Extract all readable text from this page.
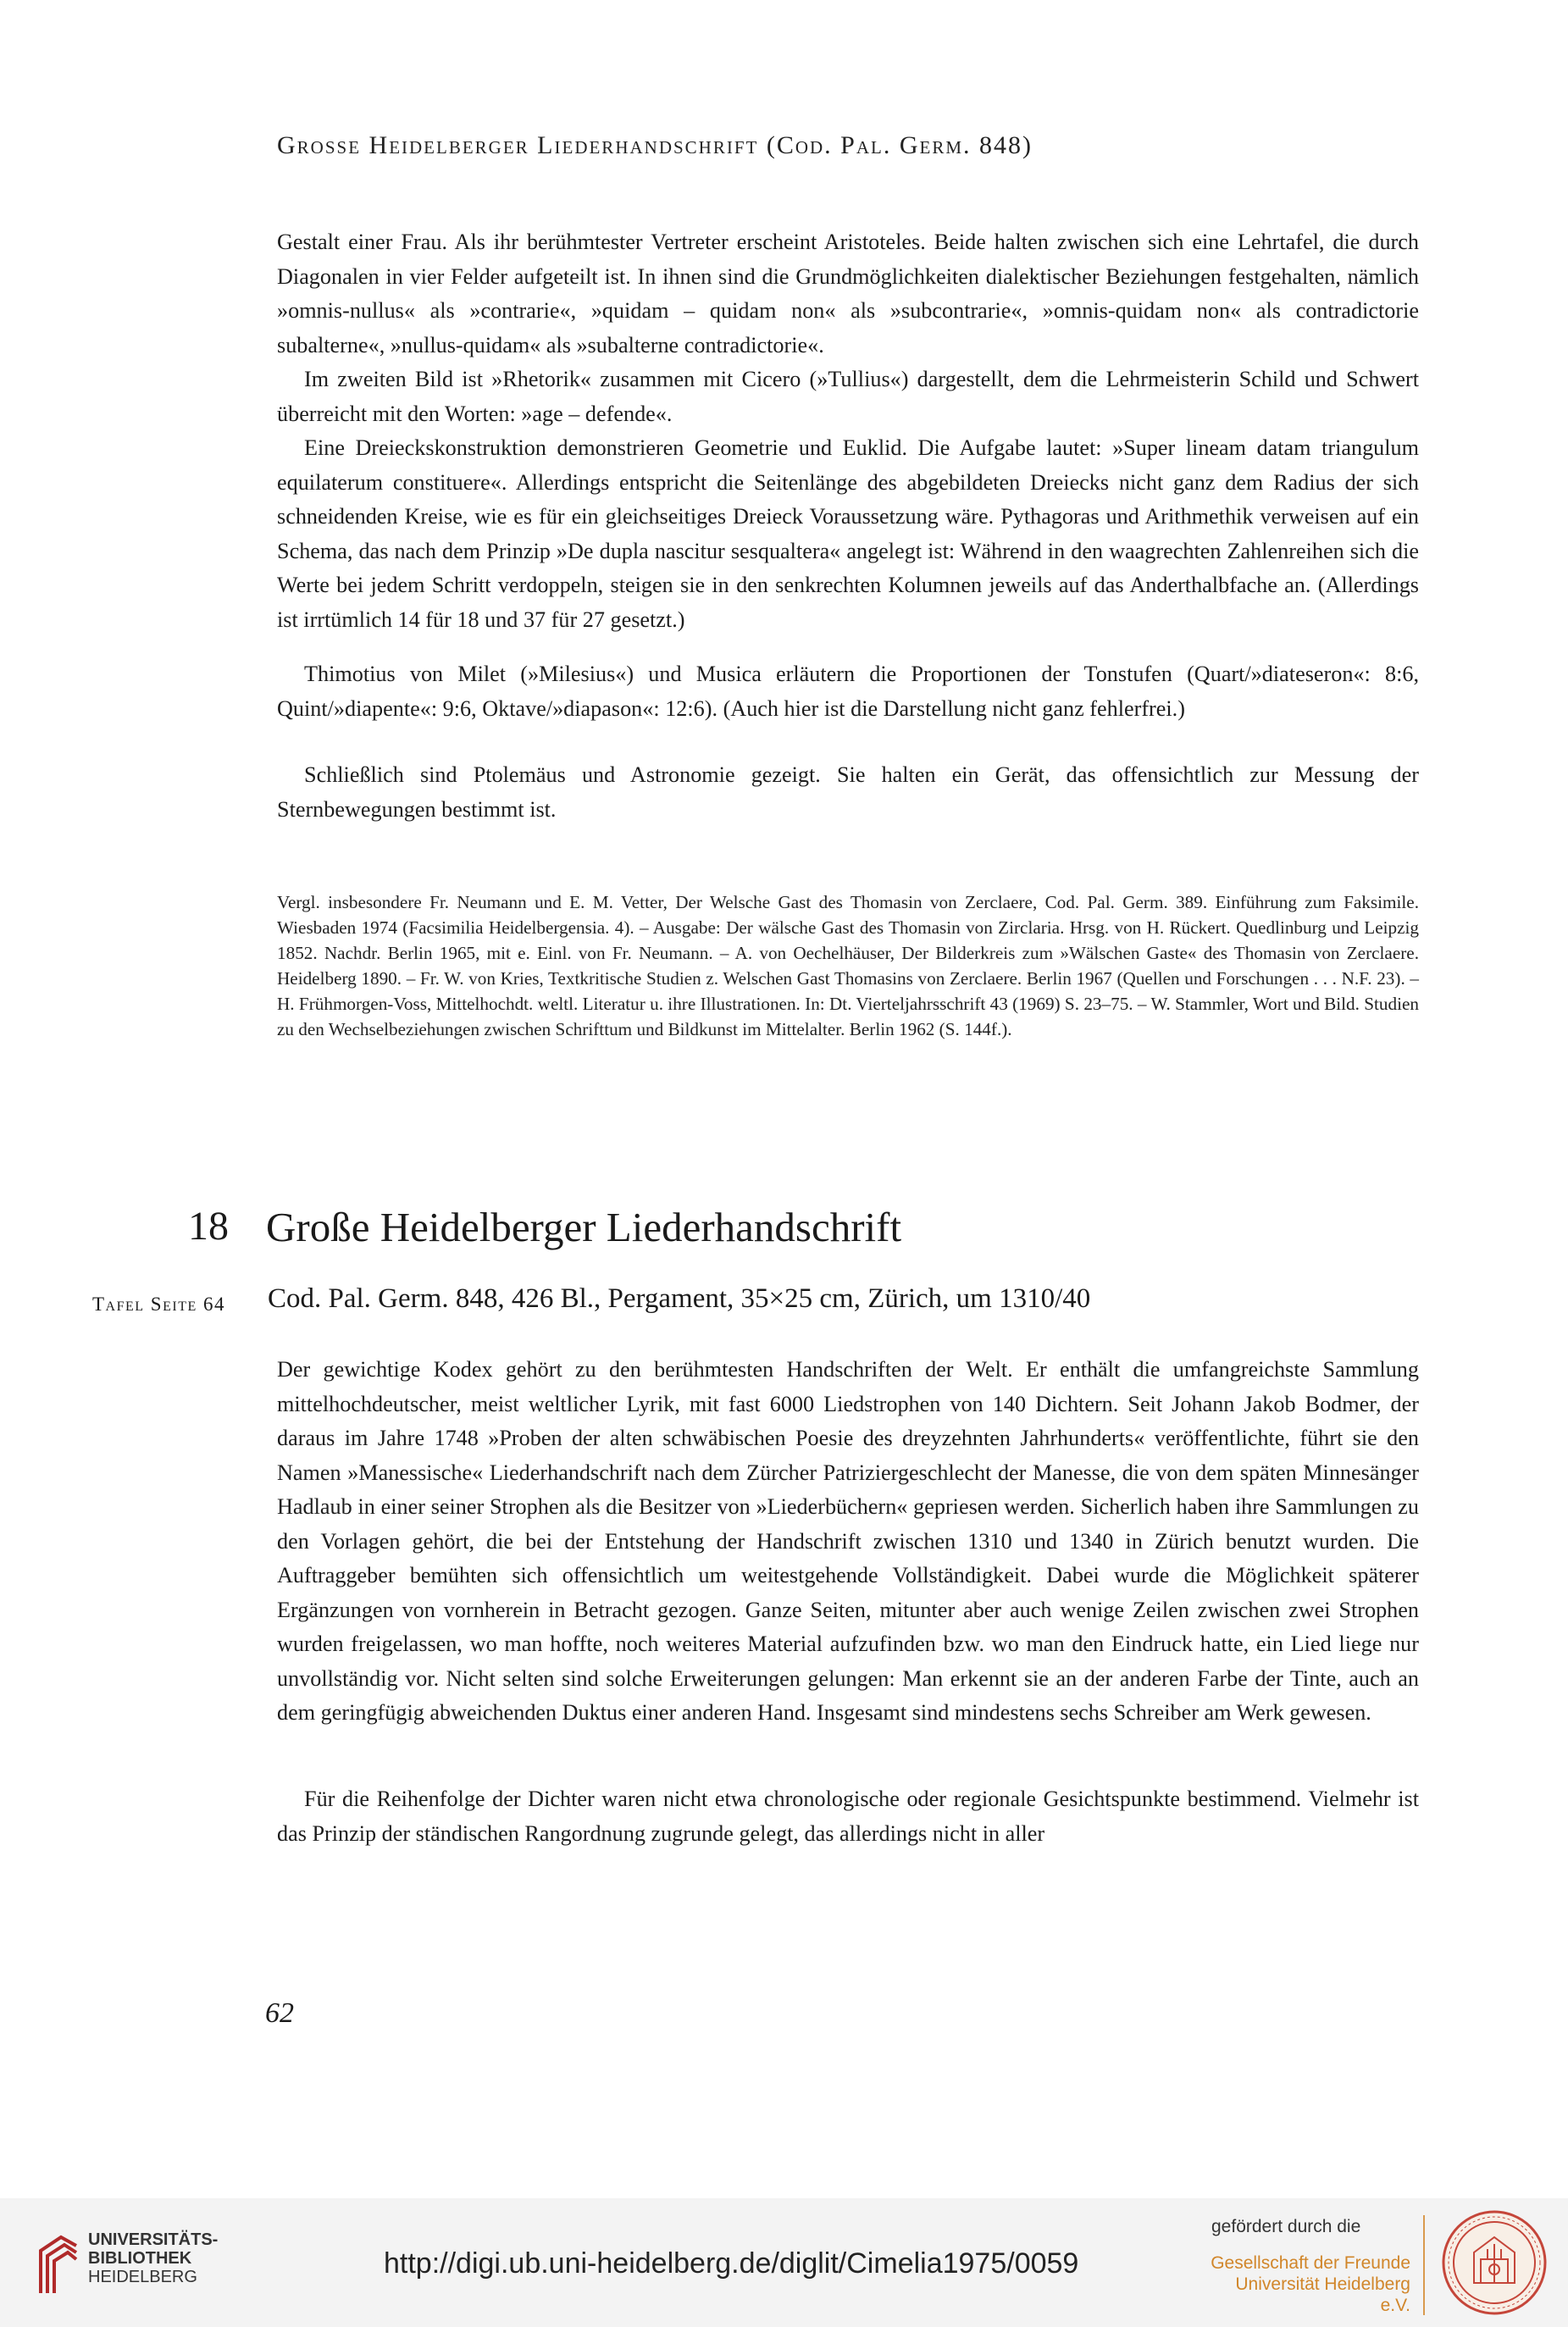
Grosse Heidelberger Liederhandschrift (Cod. Pal. Germ. 848)

Gestalt einer Frau. Als ihr berühmtester Vertreter erscheint Aristoteles. Beide halten zwischen sich eine Lehrtafel, die durch Diagonalen in vier Felder aufgeteilt ist. In ihnen sind die Grundmöglichkeiten dialektischer Beziehungen festgehalten, nämlich »omnis-nullus« als »contrarie«, »quidam – quidam non« als »subcontrarie«, »omnis-quidam non« als contradictorie subalterne«, »nullus-quidam« als »subalterne contradictorie«.

Im zweiten Bild ist »Rhetorik« zusammen mit Cicero (»Tullius«) dargestellt, dem die Lehrmeisterin Schild und Schwert überreicht mit den Worten: »age – defende«.

Eine Dreieckskonstruktion demonstrieren Geometrie und Euklid. Die Aufgabe lautet: »Super lineam datam triangulum equilaterum constituere«. Allerdings entspricht die Seitenlänge des abgebildeten Dreiecks nicht ganz dem Radius der sich schneidenden Kreise, wie es für ein gleichseitiges Dreieck Voraussetzung wäre. Pythagoras und Arithmethik verweisen auf ein Schema, das nach dem Prinzip »De dupla nascitur sesqualtera« angelegt ist: Während in den waagrechten Zahlenreihen sich die Werte bei jedem Schritt verdoppeln, steigen sie in den senkrechten Kolumnen jeweils auf das Anderthalbfache an. (Allerdings ist irrtümlich 14 für 18 und 37 für 27 gesetzt.)

Thimotius von Milet (»Milesius«) und Musica erläutern die Proportionen der Tonstufen (Quart/»diateseron«: 8:6, Quint/»diapente«: 9:6, Oktave/»diapason«: 12:6). (Auch hier ist die Darstellung nicht ganz fehlerfrei.)

Schließlich sind Ptolemäus und Astronomie gezeigt. Sie halten ein Gerät, das offensichtlich zur Messung der Sternbewegungen bestimmt ist.

Vergl. insbesondere Fr. Neumann und E. M. Vetter, Der Welsche Gast des Thomasin von Zerclaere, Cod. Pal. Germ. 389. Einführung zum Faksimile. Wiesbaden 1974 (Facsimilia Heidelbergensia. 4). – Ausgabe: Der wälsche Gast des Thomasin von Zirclaria. Hrsg. von H. Rückert. Quedlinburg und Leipzig 1852. Nachdr. Berlin 1965, mit e. Einl. von Fr. Neumann. – A. von Oechelhäuser, Der Bilderkreis zum »Wälschen Gaste« des Thomasin von Zerclaere. Heidelberg 1890. – Fr. W. von Kries, Textkritische Studien z. Welschen Gast Thomasins von Zerclaere. Berlin 1967 (Quellen und Forschungen . . . N.F. 23). – H. Frühmorgen-Voss, Mittelhochdt. weltl. Literatur u. ihre Illustrationen. In: Dt. Vierteljahrsschrift 43 (1969) S. 23–75. – W. Stammler, Wort und Bild. Studien zu den Wechselbeziehungen zwischen Schrifttum und Bildkunst im Mittelalter. Berlin 1962 (S. 144f.).

18 Große Heidelberger Liederhandschrift
Tafel Seite 64 Cod. Pal. Germ. 848, 426 Bl., Pergament, 35×25 cm, Zürich, um 1310/40

Der gewichtige Kodex gehört zu den berühmtesten Handschriften der Welt. Er enthält die umfangreichste Sammlung mittelhochdeutscher, meist weltlicher Lyrik, mit fast 6000 Liedstrophen von 140 Dichtern. Seit Johann Jakob Bodmer, der daraus im Jahre 1748 »Proben der alten schwäbischen Poesie des dreyzehnten Jahrhunderts« veröffentlichte, führt sie den Namen »Manessische« Liederhandschrift nach dem Zürcher Patriziergeschlecht der Manesse, die von dem späten Minnesänger Hadlaub in einer seiner Strophen als die Besitzer von »Liederbüchern« gepriesen werden. Sicherlich haben ihre Sammlungen zu den Vorlagen gehört, die bei der Entstehung der Handschrift zwischen 1310 und 1340 in Zürich benutzt wurden. Die Auftraggeber bemühten sich offensichtlich um weitestgehende Vollständigkeit. Dabei wurde die Möglichkeit späterer Ergänzungen von vornherein in Betracht gezogen. Ganze Seiten, mitunter aber auch wenige Zeilen zwischen zwei Strophen wurden freigelassen, wo man hoffte, noch weiteres Material aufzufinden bzw. wo man den Eindruck hatte, ein Lied liege nur unvollständig vor. Nicht selten sind solche Erweiterungen gelungen: Man erkennt sie an der anderen Farbe der Tinte, auch an dem geringfügig abweichenden Duktus einer anderen Hand. Insgesamt sind mindestens sechs Schreiber am Werk gewesen.

Für die Reihenfolge der Dichter waren nicht etwa chronologische oder regionale Gesichtspunkte bestimmend. Vielmehr ist das Prinzip der ständischen Rangordnung zugrunde gelegt, das allerdings nicht in aller

62
UNIVERSITÄTS-
BIBLIOTHEK
HEIDELBERG	http://digi.ub.uni-heidelberg.de/diglit/Cimelia1975/0059
gefördert durch die
Gesellschaft der Freunde
Universität Heidelberg e.V.
